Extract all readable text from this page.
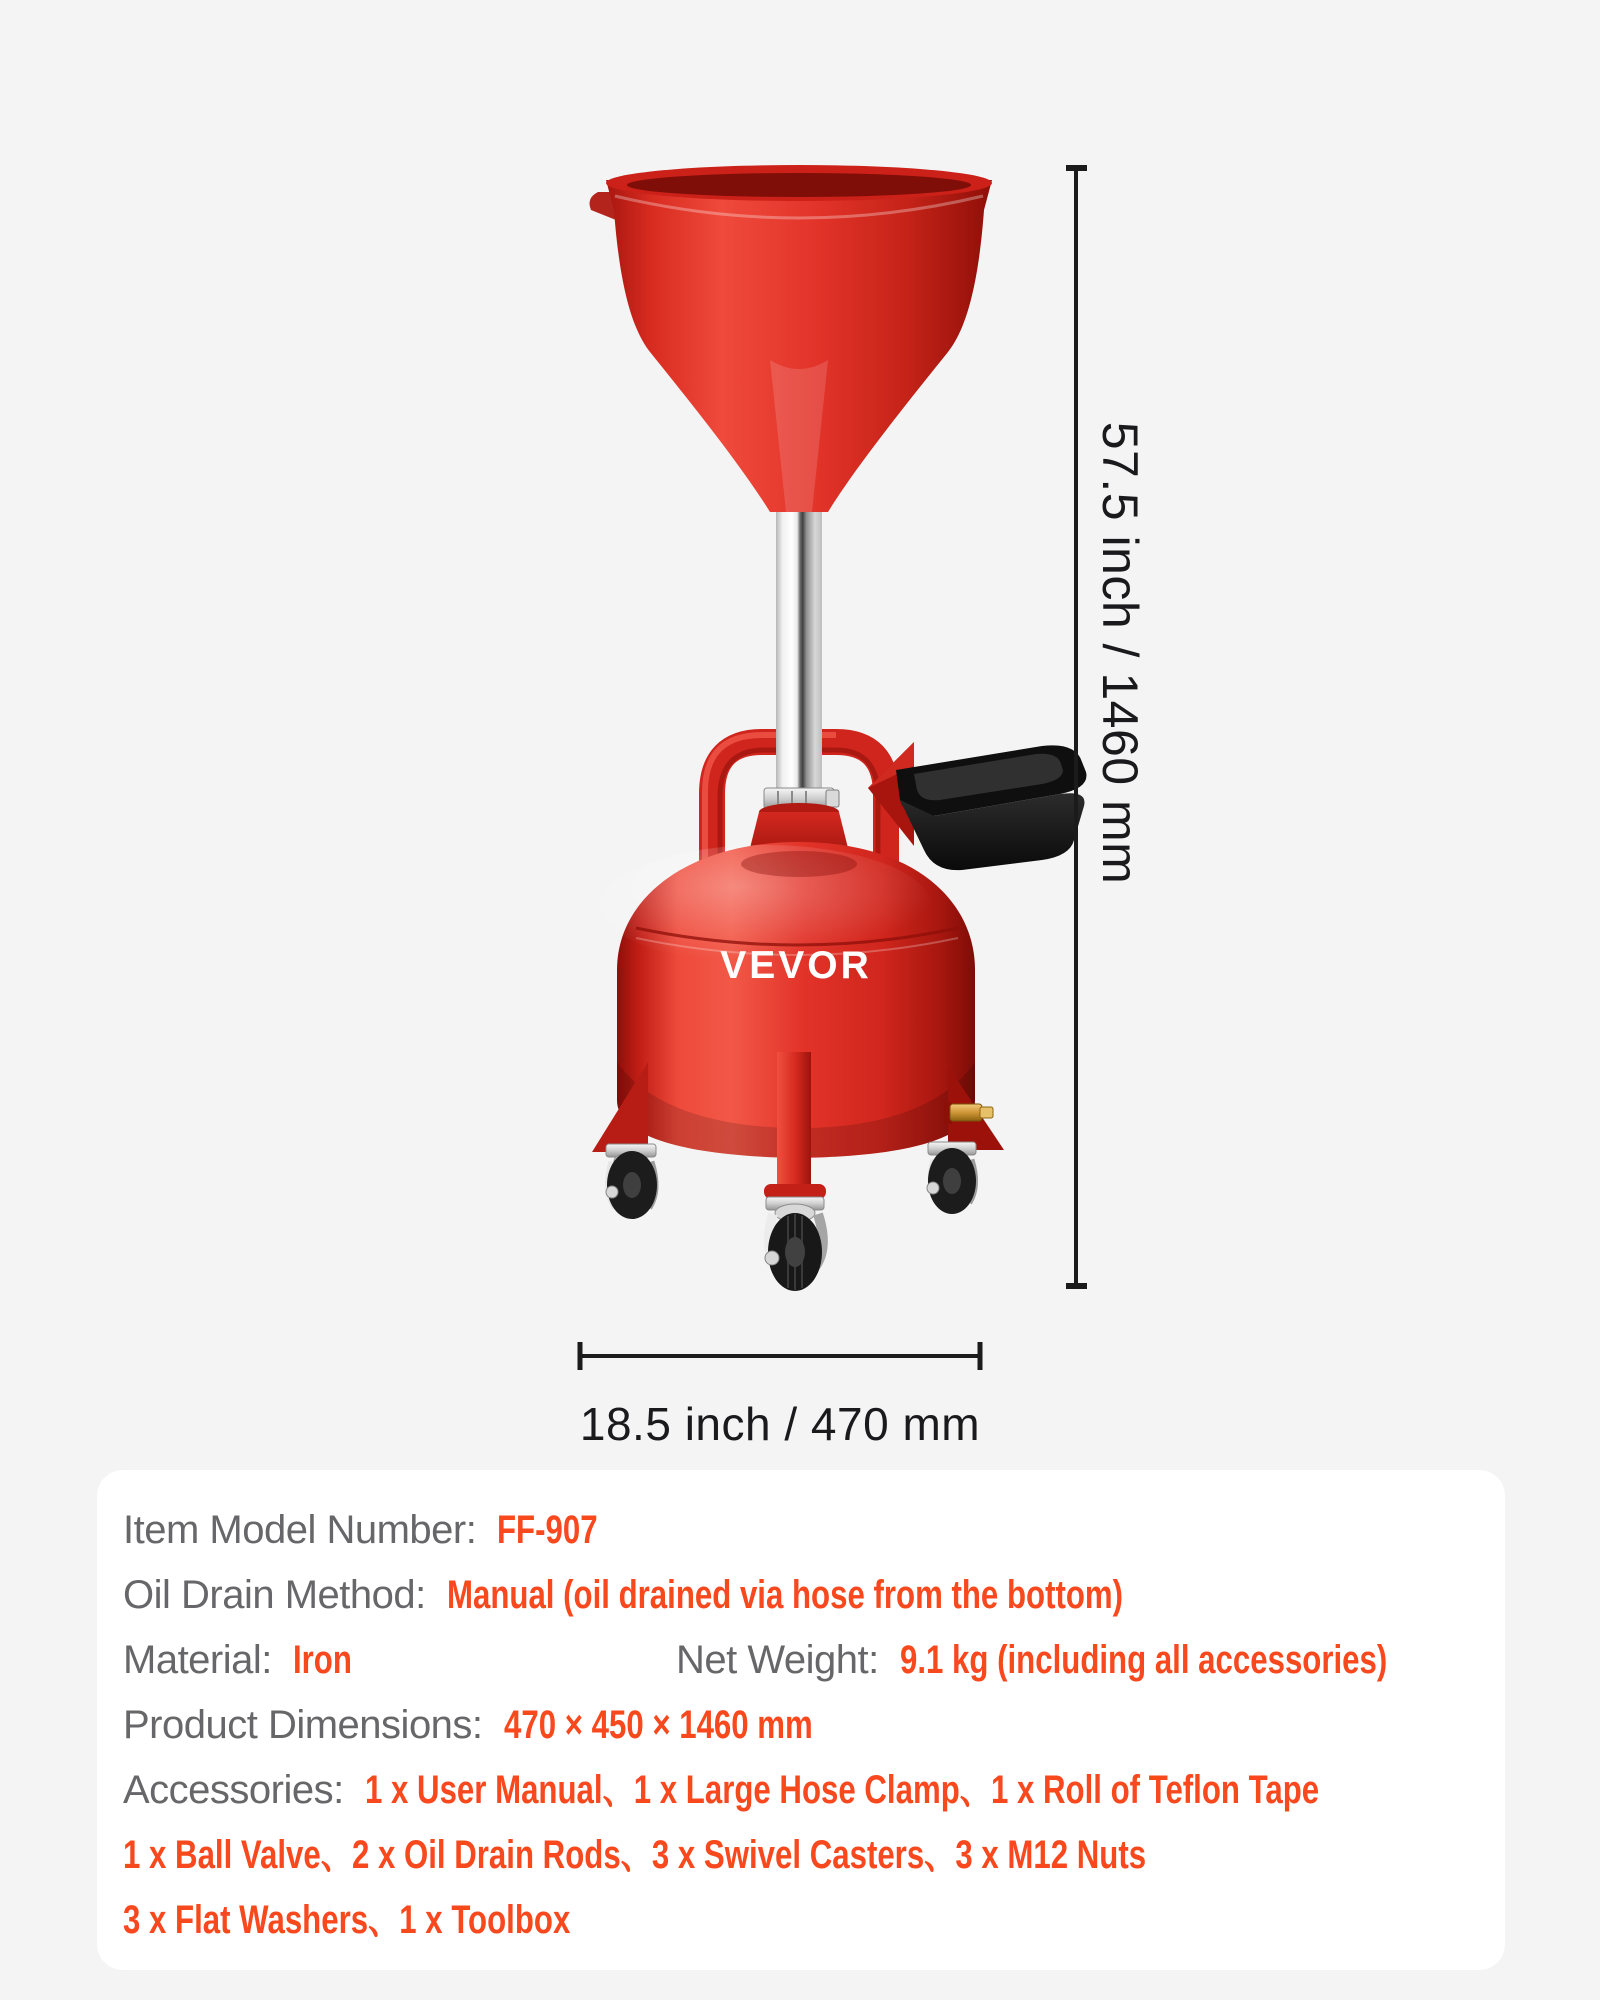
VEVOR
57.5 inch / 1460 mm
18.5 inch / 470 mm
Item Model Number: FF-907
Oil Drain Method: Manual (oil drained via hose from the bottom)
Material: Iron	Net Weight: 9.1 kg (including all accessories)
Product Dimensions: 470 × 450 × 1460 mm
Accessories: 1 x User Manual、1 x Large Hose Clamp、1 x Roll of Teflon Tape
1 x Ball Valve、2 x Oil Drain Rods、3 x Swivel Casters、3 x M12 Nuts
3 x Flat Washers、1 x Toolbox
